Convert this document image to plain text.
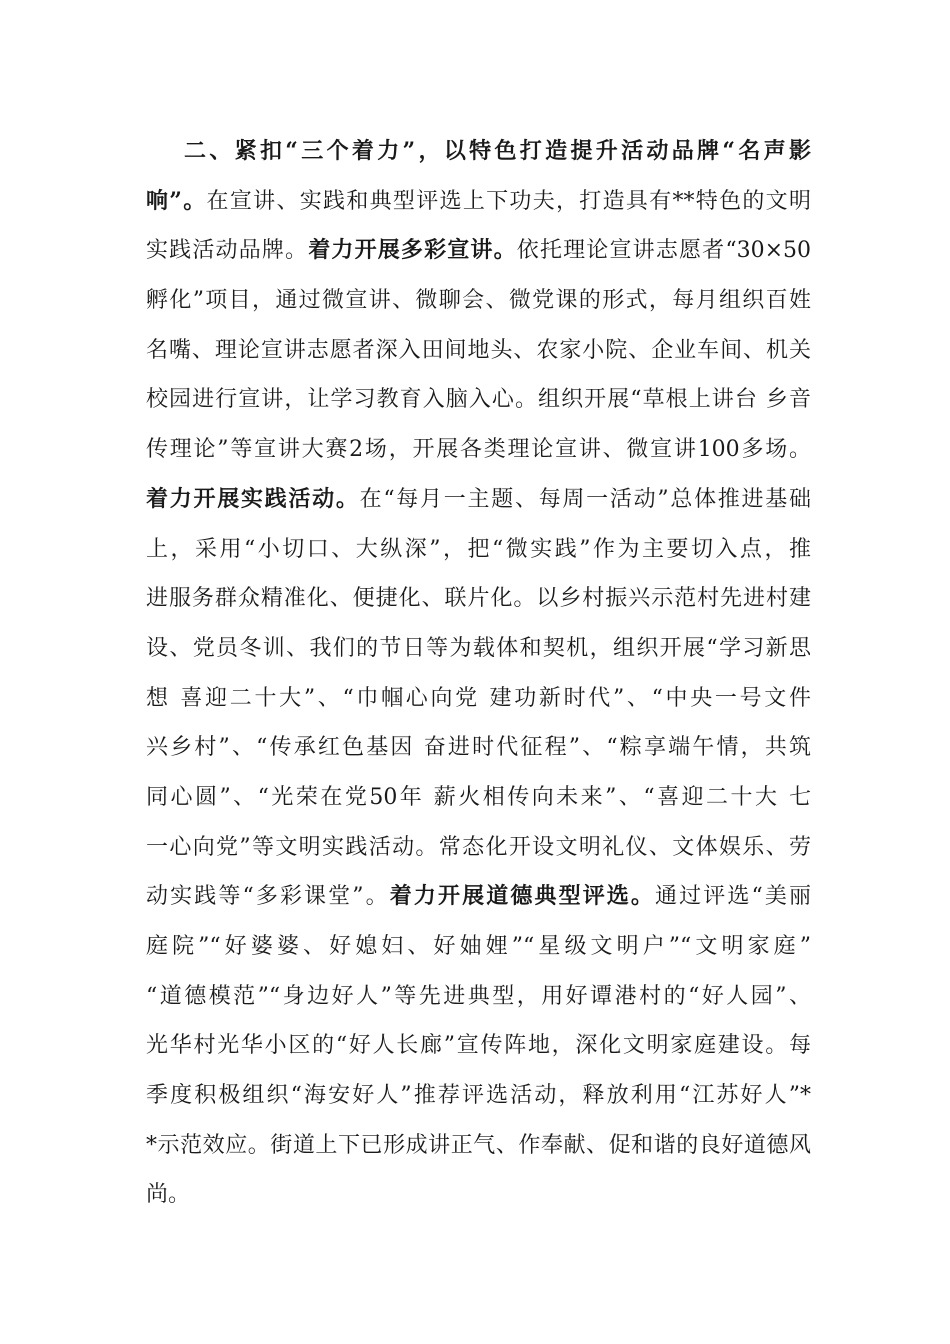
二、紧扣“三个着力”，以特色打造提升活动品牌“名声影
响”。在宣讲、实践和典型评选上下功夫，打造具有**特色的文明
实践活动品牌。着力开展多彩宣讲。依托理论宣讲志愿者“30×50
孵化”项目，通过微宣讲、微聊会、微党课的形式，每月组织百姓
名嘴、理论宣讲志愿者深入田间地头、农家小院、企业车间、机关
校园进行宣讲，让学习教育入脑入心。组织开展“草根上讲台 乡音
传理论”等宣讲大赛2场，开展各类理论宣讲、微宣讲100多场。
着力开展实践活动。在“每月一主题、每周一活动”总体推进基础
上，采用“小切口、大纵深”，把“微实践”作为主要切入点，推
进服务群众精准化、便捷化、联片化。以乡村振兴示范村先进村建
设、党员冬训、我们的节日等为载体和契机，组织开展“学习新思
想 喜迎二十大”、“巾帼心向党 建功新时代”、“中央一号文件
兴乡村”、“传承红色基因 奋进时代征程”、“粽享端午情，共筑
同心圆”、“光荣在党50年 薪火相传向未来”、“喜迎二十大 七
一心向党”等文明实践活动。常态化开设文明礼仪、文体娱乐、劳
动实践等“多彩课堂”。着力开展道德典型评选。通过评选“美丽
庭院”“好婆婆、好媳妇、好妯娌”“星级文明户”“文明家庭”
“道德模范”“身边好人”等先进典型，用好谭港村的“好人园”、
光华村光华小区的“好人长廊”宣传阵地，深化文明家庭建设。每
季度积极组织“海安好人”推荐评选活动，释放利用“江苏好人”*
*示范效应。街道上下已形成讲正气、作奉献、促和谐的良好道德风
尚。
